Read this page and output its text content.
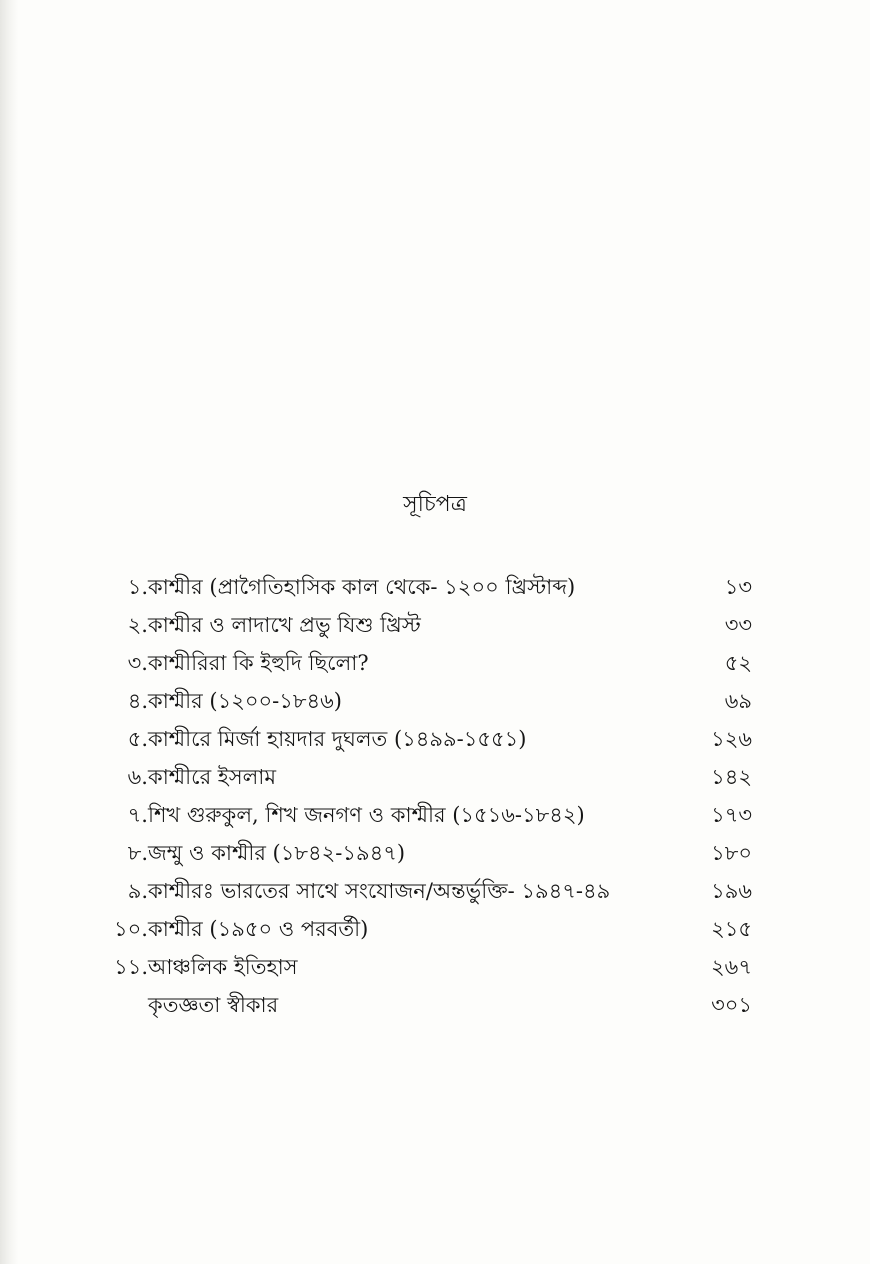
সূচিপত্র
১. কাশ্মীর (প্রাগৈতিহাসিক কাল থেকে- ১২০০ খ্রিস্টাব্দ)	১৩
২. কাশ্মীর ও লাদাখে প্রভু যিশু খ্রিস্ট	৩৩
৩. কাশ্মীরিরা কি ইহুদি ছিলো?	৫২
৪. কাশ্মীর (১২০০-১৮৪৬)	৬৯
৫. কাশ্মীরে মির্জা হায়দার দুঘলত (১৪৯৯-১৫৫১)	১২৬
৬. কাশ্মীরে ইসলাম	১৪২
৭. শিখ গুরুকুল, শিখ জনগণ ও কাশ্মীর (১৫১৬-১৮৪২)	১৭৩
৮. জম্মু ও কাশ্মীর (১৮৪২-১৯৪৭)	১৮০
৯. কাশ্মীরঃ ভারতের সাথে সংযোজন/অন্তর্ভুক্তি- ১৯৪৭-৪৯	১৯৬
১০. কাশ্মীর (১৯৫০ ও পরবর্তী)	২১৫
১১. আঞ্চলিক ইতিহাস	২৬৭
কৃতজ্ঞতা স্বীকার	৩০১
